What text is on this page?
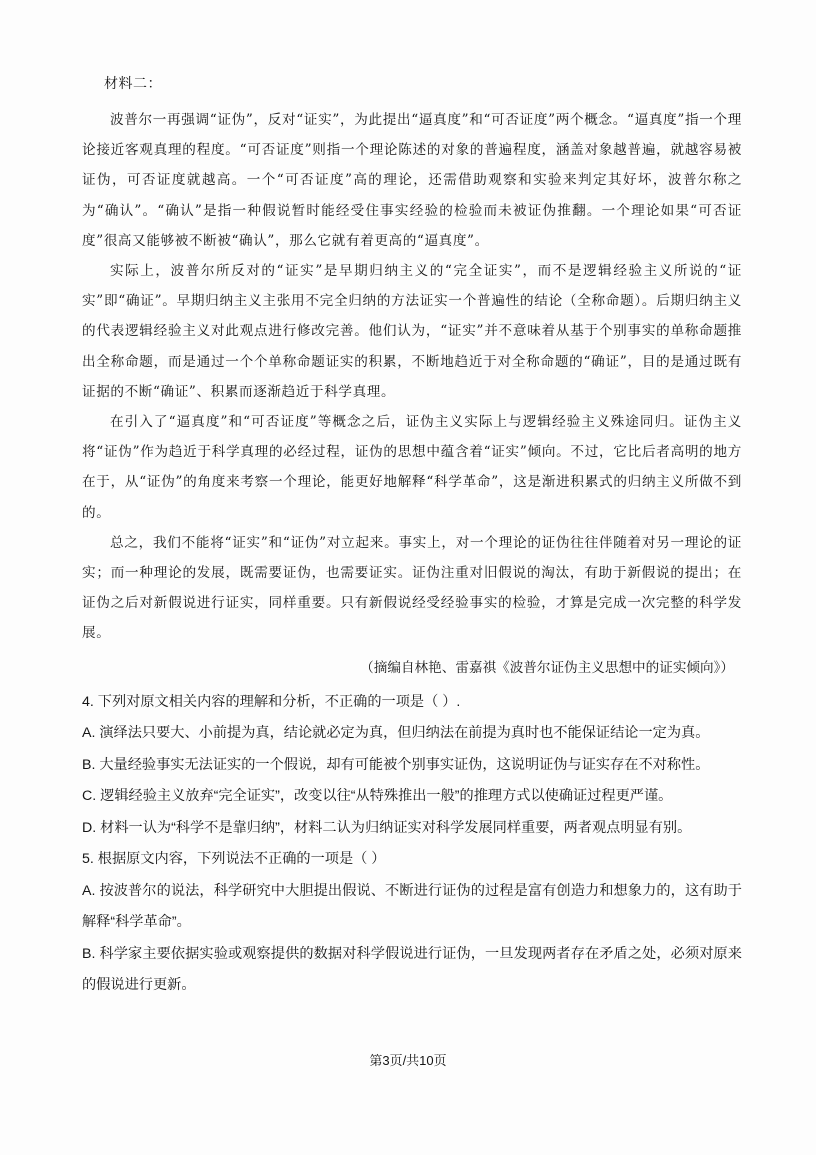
材料二：

波普尔一再强调“证伪”，反对“证实”，为此提出“逼真度”和“可否证度”两个概念。“逼真度”指一个理论接近客观真理的程度。“可否证度”则指一个理论陈述的对象的普遍程度，涵盖对象越普遍，就越容易被证伪，可否证度就越高。一个“可否证度”高的理论，还需借助观察和实验来判定其好坏，波普尔称之为“确认”。“确认”是指一种假说暂时能经受住事实经验的检验而未被证伪推翻。一个理论如果“可否证度”很高又能够被不断被“确认”，那么它就有着更高的“逼真度”。

实际上，波普尔所反对的“证实”是早期归纳主义的“完全证实”，而不是逻辑经验主义所说的“证实”即“确证”。早期归纳主义主张用不完全归纳的方法证实一个普遍性的结论（全称命题）。后期归纳主义的代表逻辑经验主义对此观点进行修改完善。他们认为，“证实”并不意味着从基于个别事实的单称命题推出全称命题，而是通过一个个单称命题证实的积累，不断地趋近于对全称命题的“确证”，目的是通过既有证据的不断“确证”、积累而逐渐趋近于科学真理。

在引入了“逼真度”和“可否证度”等概念之后，证伪主义实际上与逻辑经验主义殊途同归。证伪主义将“证伪”作为趋近于科学真理的必经过程，证伪的思想中蕴含着“证实”倾向。不过，它比后者高明的地方在于，从“证伪”的角度来考察一个理论，能更好地解释“科学革命”，这是渐进积累式的归纳主义所做不到的。

总之，我们不能将“证实”和“证伪”对立起来。事实上，对一个理论的证伪往往伴随着对另一理论的证实；而一种理论的发展，既需要证伪，也需要证实。证伪注重对旧假说的淘汰，有助于新假说的提出；在证伪之后对新假说进行证实，同样重要。只有新假说经受经验事实的检验，才算是完成一次完整的科学发展。

（摘编自林艳、雷嘉祺《波普尔证伪主义思想中的证实倾向》）

4. 下列对原文相关内容的理解和分析，不正确的一项是（ ）.

A. 演绎法只要大、小前提为真，结论就必定为真，但归纳法在前提为真时也不能保证结论一定为真。

B. 大量经验事实无法证实的一个假说，却有可能被个别事实证伪，这说明证伪与证实存在不对称性。

C. 逻辑经验主义放弃“完全证实”，改变以往“从特殊推出一般”的推理方式以使确证过程更严谨。

D. 材料一认为“科学不是靠归纳”，材料二认为归纳证实对科学发展同样重要，两者观点明显有别。

5. 根据原文内容，下列说法不正确的一项是（ ）

A. 按波普尔的说法，科学研究中大胆提出假说、不断进行证伪的过程是富有创造力和想象力的，这有助于解释“科学革命”。

B. 科学家主要依据实验或观察提供的数据对科学假说进行证伪，一旦发现两者存在矛盾之处，必须对原来的假说进行更新。

第3页/共10页
